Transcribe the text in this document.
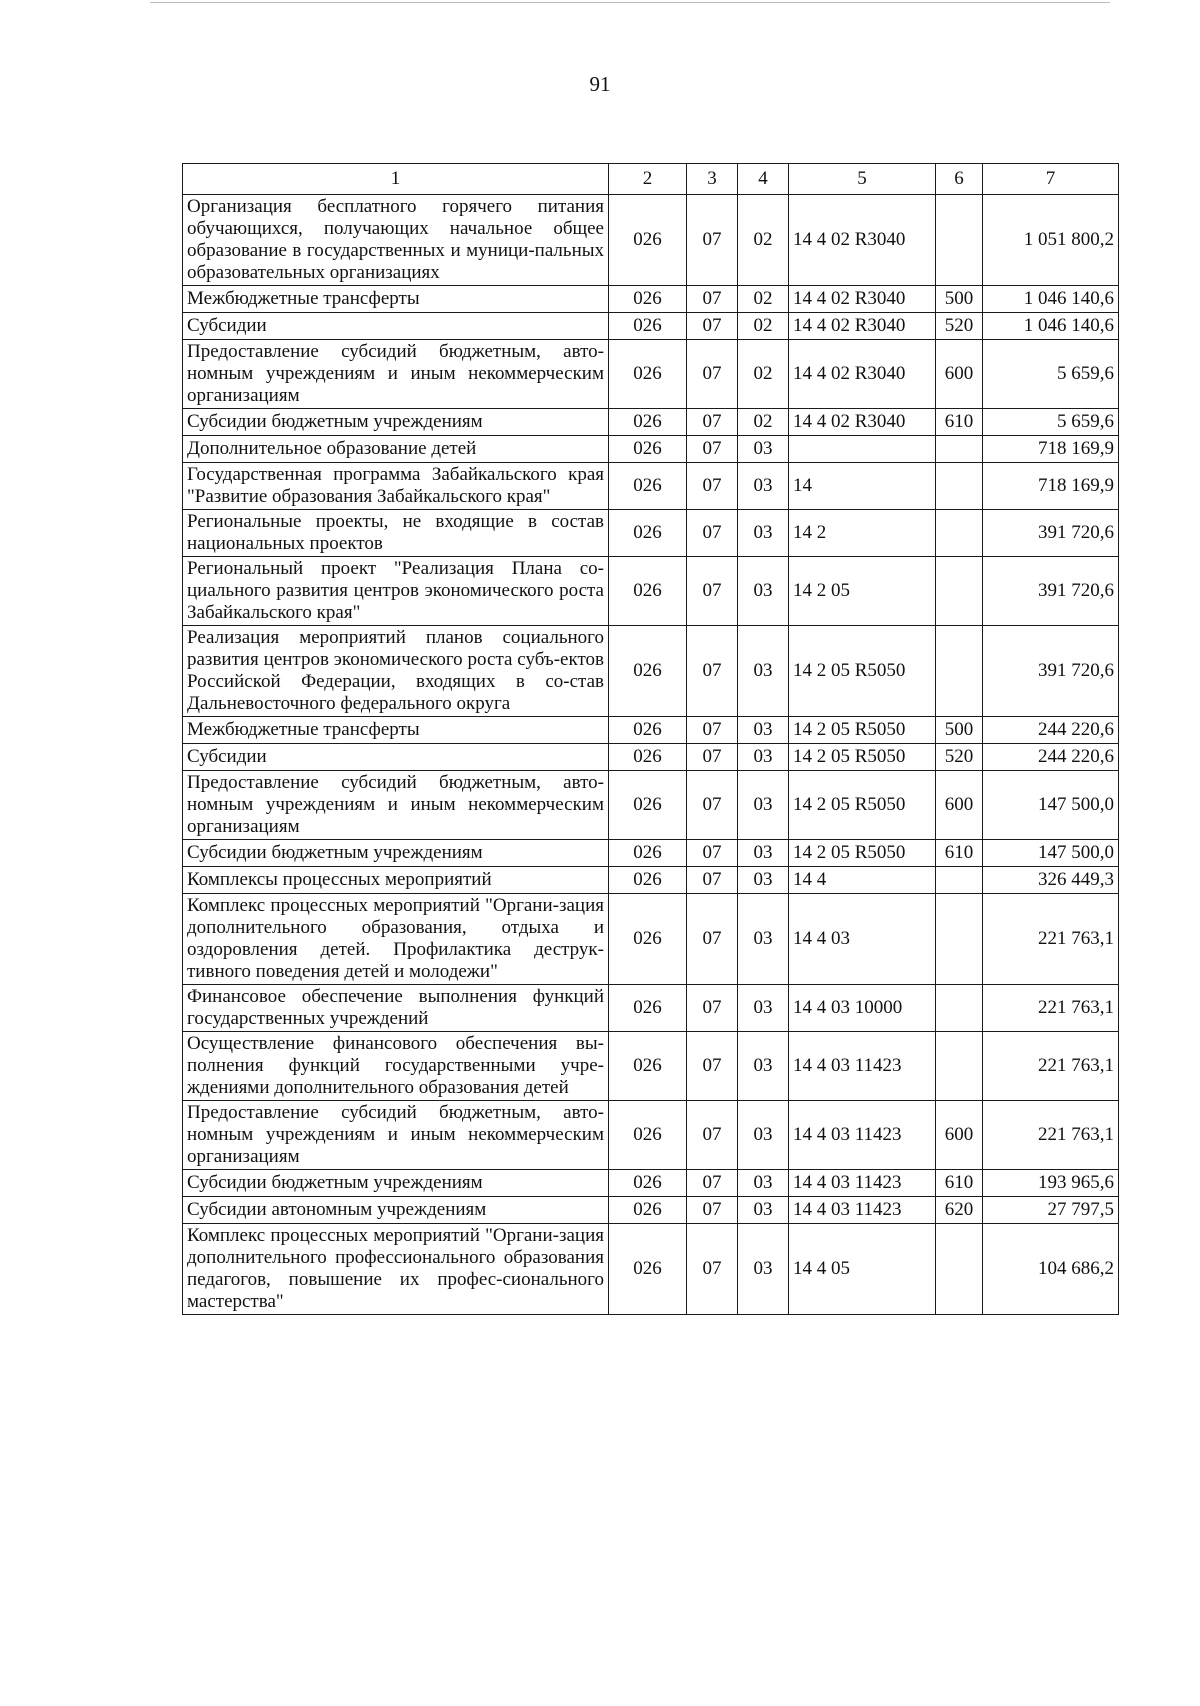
91
1	2	3	4	5	6	7
Организация бесплатного горячего питания обучающихся, получающих начальное общее образование в государственных и муници-пальных образовательных организациях	026	07	02	14 4 02 R3040		1 051 800,2
Межбюджетные трансферты	026	07	02	14 4 02 R3040	500	1 046 140,6
Субсидии	026	07	02	14 4 02 R3040	520	1 046 140,6
Предоставление субсидий бюджетным, авто-номным учреждениям и иным некоммерческим организациям	026	07	02	14 4 02 R3040	600	5 659,6
Субсидии бюджетным учреждениям	026	07	02	14 4 02 R3040	610	5 659,6
Дополнительное образование детей	026	07	03			718 169,9
Государственная программа Забайкальского края "Развитие образования Забайкальского края"	026	07	03	14		718 169,9
Региональные проекты, не входящие в состав национальных проектов	026	07	03	14 2		391 720,6
Региональный проект "Реализация Плана со-циального развития центров экономического роста Забайкальского края"	026	07	03	14 2 05		391 720,6
Реализация мероприятий планов социального развития центров экономического роста субъ-ектов Российской Федерации, входящих в со-став Дальневосточного федерального округа	026	07	03	14 2 05 R5050		391 720,6
Межбюджетные трансферты	026	07	03	14 2 05 R5050	500	244 220,6
Субсидии	026	07	03	14 2 05 R5050	520	244 220,6
Предоставление субсидий бюджетным, авто-номным учреждениям и иным некоммерческим организациям	026	07	03	14 2 05 R5050	600	147 500,0
Субсидии бюджетным учреждениям	026	07	03	14 2 05 R5050	610	147 500,0
Комплексы процессных мероприятий	026	07	03	14 4		326 449,3
Комплекс процессных мероприятий "Органи-зация дополнительного образования, отдыха и оздоровления детей. Профилактика деструк-тивного поведения детей и молодежи"	026	07	03	14 4 03		221 763,1
Финансовое обеспечение выполнения функций государственных учреждений	026	07	03	14 4 03 10000		221 763,1
Осуществление финансового обеспечения вы-полнения функций государственными учре-ждениями дополнительного образования детей	026	07	03	14 4 03 11423		221 763,1
Предоставление субсидий бюджетным, авто-номным учреждениям и иным некоммерческим организациям	026	07	03	14 4 03 11423	600	221 763,1
Субсидии бюджетным учреждениям	026	07	03	14 4 03 11423	610	193 965,6
Субсидии автономным учреждениям	026	07	03	14 4 03 11423	620	27 797,5
Комплекс процессных мероприятий "Органи-зация дополнительного профессионального образования педагогов, повышение их профес-сионального мастерства"	026	07	03	14 4 05		104 686,2
